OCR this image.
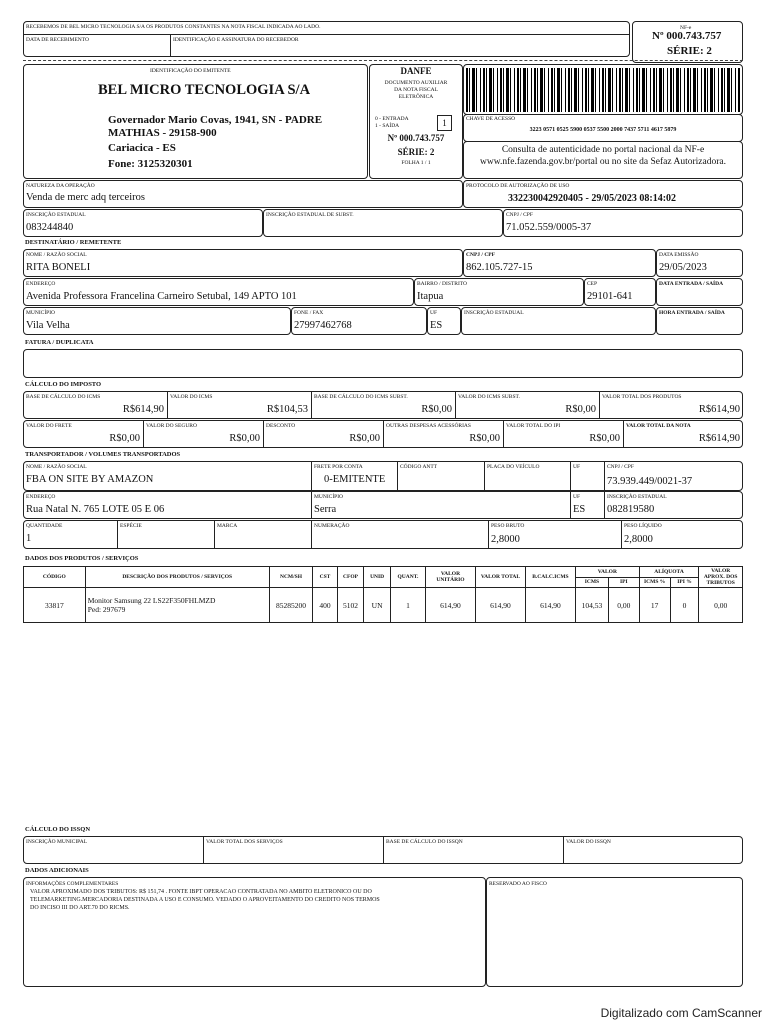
RECEBEMOS DE BEL MICRO TECNOLOGIA S/A OS PRODUTOS CONSTANTES NA NOTA FISCAL INDICADA AO LADO.
DATA DE RECEBIMENTO	IDENTIFICAÇÃO E ASSINATURA DO RECEBEDOR
NF-e
Nº 000.743.757
SÉRIE: 2
IDENTIFICAÇÃO DO EMITENTE
BEL MICRO TECNOLOGIA S/A
Governador Mario Covas, 1941, SN - PADRE
MATHIAS - 29158-900
Cariacica - ES
Fone: 3125320301
DANFE
DOCUMENTO AUXILIAR
DA NOTA FISCAL
ELETRÔNICA
0 - ENTRADA
1 - SAÍDA	1
Nº 000.743.757
SÉRIE: 2
FOLHA 1 / 1
CHAVE DE ACESSO
3223 0571 0525 5900 0537 5500 2000 7437 5711 4617 5879
Consulta de autenticidade no portal nacional da NF-e
www.nfe.fazenda.gov.br/portal ou no site da Sefaz Autorizadora.
NATUREZA DA OPERAÇÃO
Venda de merc adq terceiros
PROTOCOLO DE AUTORIZAÇÃO DE USO
332230042920405 - 29/05/2023 08:14:02
INSCRIÇÃO ESTADUAL
083244840
INSCRIÇÃO ESTADUAL DE SUBST.	CNPJ / CPF
71.052.559/0005-37
DESTINATÁRIO / REMETENTE
NOME / RAZÃO SOCIAL
RITA BONELI
CNPJ / CPF
862.105.727-15
DATA EMISSÃO
29/05/2023
ENDEREÇO
Avenida Professora Francelina Carneiro Setubal, 149 APTO 101
BAIRRO / DISTRITO
Itapua
CEP
29101-641
DATA ENTRADA / SAÍDA
MUNICÍPIO
Vila Velha
FONE / FAX
27997462768
UF
ES
INSCRIÇÃO ESTADUAL	HORA ENTRADA / SAÍDA
FATURA / DUPLICATA
CÁLCULO DO IMPOSTO
BASE DE CÁLCULO DO ICMS
R$614,90
VALOR DO ICMS
R$104,53
BASE DE CÁLCULO DO ICMS SUBST.
R$0,00
VALOR DO ICMS SUBST.
R$0,00
VALOR TOTAL DOS PRODUTOS
R$614,90
VALOR DO FRETE
R$0,00
VALOR DO SEGURO
R$0,00
DESCONTO
R$0,00
OUTRAS DESPESAS ACESSÓRIAS
R$0,00
VALOR TOTAL DO IPI
R$0,00
VALOR TOTAL DA NOTA
R$614,90
TRANSPORTADOR / VOLUMES TRANSPORTADOS
NOME / RAZÃO SOCIAL
FBA ON SITE BY AMAZON
FRETE POR CONTA
0-EMITENTE
CÓDIGO ANTT	PLACA DO VEÍCULO	UF	CNPJ / CPF
73.939.449/0021-37
ENDEREÇO
Rua Natal N. 765 LOTE 05 E 06
MUNICÍPIO
Serra
UF
ES
INSCRIÇÃO ESTADUAL
082819580
QUANTIDADE
1
ESPÉCIE	MARCA	NUMERAÇÃO	PESO BRUTO
2,8000
PESO LÍQUIDO
2,8000
DADOS DOS PRODUTOS / SERVIÇOS
CÓDIGO	DESCRIÇÃO DOS PRODUTOS / SERVIÇOS	NCM/SH	CST	CFOP	UNID	QUANT.	VALOR UNITÁRIO	VALOR TOTAL	B.CALC.ICMS	VALOR		ALÍQUOTA		VALOR APROX. DOS TRIBUTOS
										ICMS	IPI	ICMS %	IPI %	
33817	Monitor Samsung 22 LS22F350FHLMZD
Ped: 297679	85285200	400	5102	UN	1	614,90	614,90	614,90	104,53	0,00	17	0	0,00
CÁLCULO DO ISSQN
INSCRIÇÃO MUNICIPAL	VALOR TOTAL DOS SERVIÇOS	BASE DE CÁLCULO DO ISSQN	VALOR DO ISSQN
DADOS ADICIONAIS
INFORMAÇÕES COMPLEMENTARES
VALOR APROXIMADO DOS TRIBUTOS: R$ 151,74 . FONTE IBPT OPERACAO CONTRATADA NO AMBITO ELETRONICO OU DO
TELEMARKETING.MERCADORIA DESTINADA A USO E CONSUMO. VEDADO O APROVEITAMENTO DO CREDITO NOS TERMOS
DO INCISO III DO ART.70 DO RICMS.
RESERVADO AO FISCO
Digitalizado com CamScanner
